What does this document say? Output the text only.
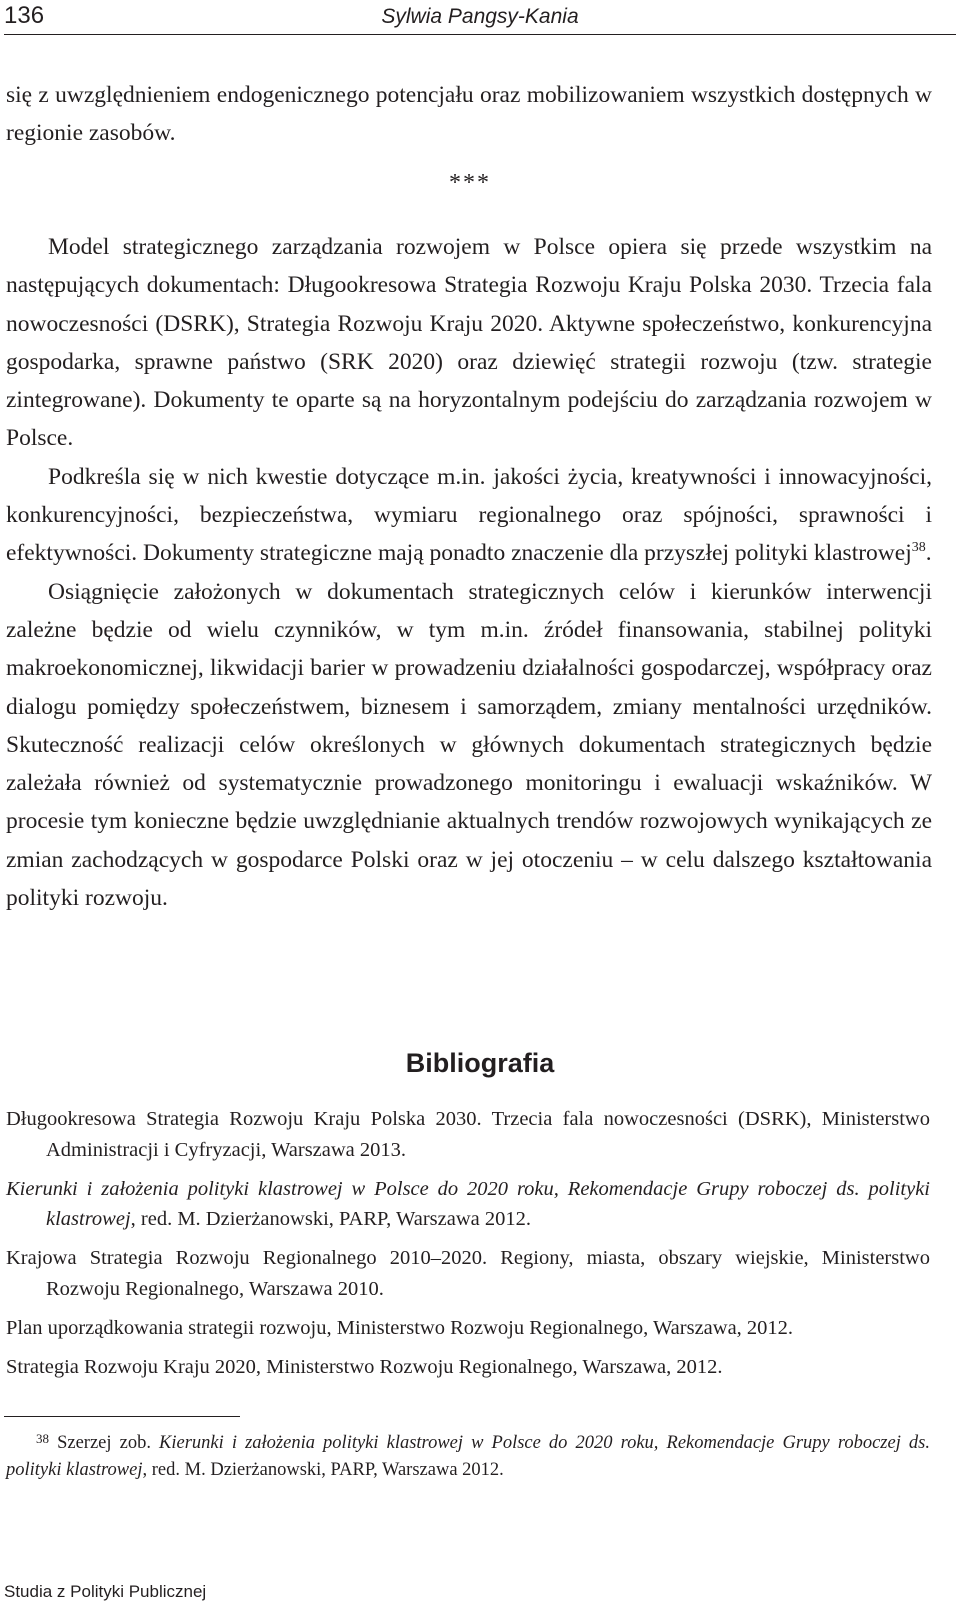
136	Sylwia Pangsy-Kania

się z uwzględnieniem endogenicznego potencjału oraz mobilizowaniem wszystkich dostępnych w regionie zasobów.

***

Model strategicznego zarządzania rozwojem w Polsce opiera się przede wszystkim na następujących dokumentach: Długookresowa Strategia Rozwoju Kraju Polska 2030. Trzecia fala nowoczesności (DSRK), Strategia Rozwoju Kraju 2020. Aktywne społeczeństwo, konkurencyjna gospodarka, sprawne państwo (SRK 2020) oraz dziewięć strategii rozwoju (tzw. strategie zintegrowane). Dokumenty te oparte są na horyzontalnym podejściu do zarządzania rozwojem w Polsce.

Podkreśla się w nich kwestie dotyczące m.in. jakości życia, kreatywności i innowacyjności, konkurencyjności, bezpieczeństwa, wymiaru regionalnego oraz spójności, sprawności i efektywności. Dokumenty strategiczne mają ponadto znaczenie dla przyszłej polityki klastrowej$^{38}$.

Osiągnięcie założonych w dokumentach strategicznych celów i kierunków interwencji zależne będzie od wielu czynników, w tym m.in. źródeł finansowania, stabilnej polityki makroekonomicznej, likwidacji barier w prowadzeniu działalności gospodarczej, współpracy oraz dialogu pomiędzy społeczeństwem, biznesem i samorządem, zmiany mentalności urzędników. Skuteczność realizacji celów określonych w głównych dokumentach strategicznych będzie zależała również od systematycznie prowadzonego monitoringu i ewaluacji wskaźników. W procesie tym konieczne będzie uwzględnianie aktualnych trendów rozwojowych wynikających ze zmian zachodzących w gospodarce Polski oraz w jej otoczeniu – w celu dalszego kształtowania polityki rozwoju.

Bibliografia

Długookresowa Strategia Rozwoju Kraju Polska 2030. Trzecia fala nowoczesności (DSRK), Ministerstwo Administracji i Cyfryzacji, Warszawa 2013.

Kierunki i założenia polityki klastrowej w Polsce do 2020 roku, Rekomendacje Grupy roboczej ds. polityki klastrowej, red. M. Dzierżanowski, PARP, Warszawa 2012.

Krajowa Strategia Rozwoju Regionalnego 2010–2020. Regiony, miasta, obszary wiejskie, Ministerstwo Rozwoju Regionalnego, Warszawa 2010.

Plan uporządkowania strategii rozwoju, Ministerstwo Rozwoju Regionalnego, Warszawa, 2012.

Strategia Rozwoju Kraju 2020, Ministerstwo Rozwoju Regionalnego, Warszawa, 2012.

$^{38}$ Szerzej zob. Kierunki i założenia polityki klastrowej w Polsce do 2020 roku, Rekomendacje Grupy roboczej ds. polityki klastrowej, red. M. Dzierżanowski, PARP, Warszawa 2012.
Studia z Polityki Publicznej
